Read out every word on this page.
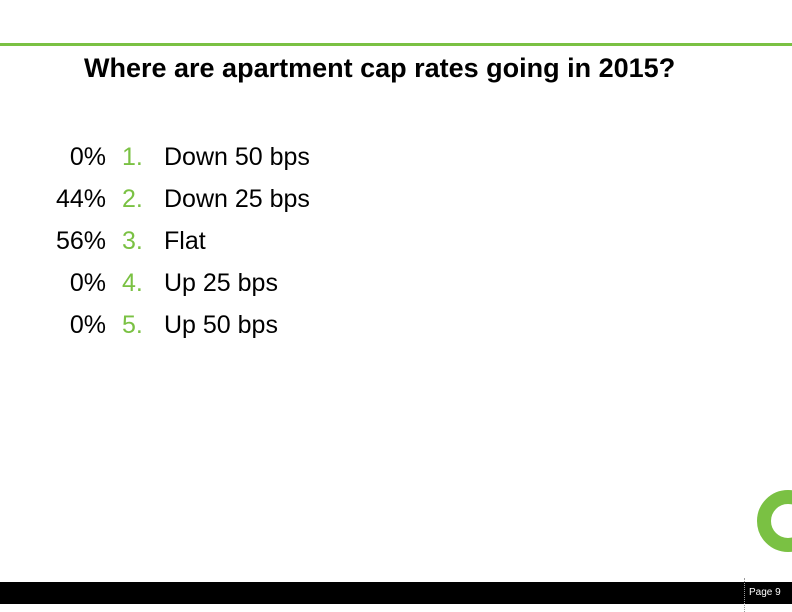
Where are apartment cap rates going in 2015?
0% 1. Down 50 bps
44% 2. Down 25 bps
56% 3. Flat
0% 4. Up 25 bps
0% 5. Up 50 bps
Page 9
